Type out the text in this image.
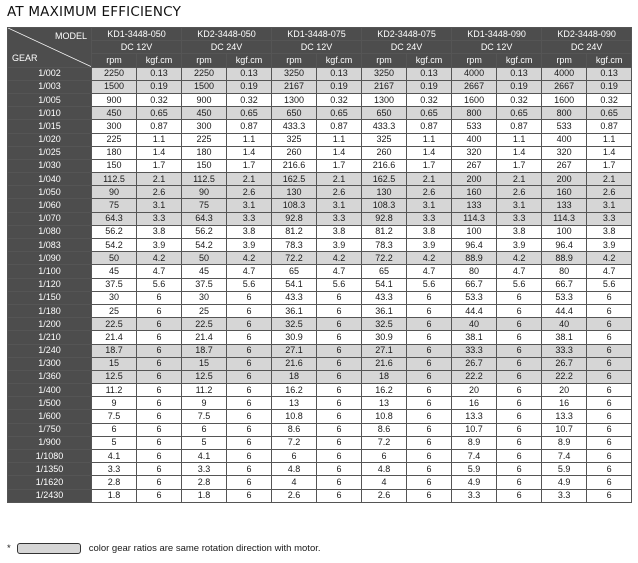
AT MAXIMUM EFFICIENCY
MODEL
GEAR	KD1-3448-050		KD2-3448-050		KD1-3448-075		KD2-3448-075		KD1-3448-090		KD2-3448-090	
	DC 12V		DC 24V		DC 12V		DC 24V		DC 12V		DC 24V	
	rpm	kgf.cm	rpm	kgf.cm	rpm	kgf.cm	rpm	kgf.cm	rpm	kgf.cm	rpm	kgf.cm
1/002	2250	0.13	2250	0.13	3250	0.13	3250	0.13	4000	0.13	4000	0.13
1/003	1500	0.19	1500	0.19	2167	0.19	2167	0.19	2667	0.19	2667	0.19
1/005	900	0.32	900	0.32	1300	0.32	1300	0.32	1600	0.32	1600	0.32
1/010	450	0.65	450	0.65	650	0.65	650	0.65	800	0.65	800	0.65
1/015	300	0.87	300	0.87	433.3	0.87	433.3	0.87	533	0.87	533	0.87
1/020	225	1.1	225	1.1	325	1.1	325	1.1	400	1.1	400	1.1
1/025	180	1.4	180	1.4	260	1.4	260	1.4	320	1.4	320	1.4
1/030	150	1.7	150	1.7	216.6	1.7	216.6	1.7	267	1.7	267	1.7
1/040	112.5	2.1	112.5	2.1	162.5	2.1	162.5	2.1	200	2.1	200	2.1
1/050	90	2.6	90	2.6	130	2.6	130	2.6	160	2.6	160	2.6
1/060	75	3.1	75	3.1	108.3	3.1	108.3	3.1	133	3.1	133	3.1
1/070	64.3	3.3	64.3	3.3	92.8	3.3	92.8	3.3	114.3	3.3	114.3	3.3
1/080	56.2	3.8	56.2	3.8	81.2	3.8	81.2	3.8	100	3.8	100	3.8
1/083	54.2	3.9	54.2	3.9	78.3	3.9	78.3	3.9	96.4	3.9	96.4	3.9
1/090	50	4.2	50	4.2	72.2	4.2	72.2	4.2	88.9	4.2	88.9	4.2
1/100	45	4.7	45	4.7	65	4.7	65	4.7	80	4.7	80	4.7
1/120	37.5	5.6	37.5	5.6	54.1	5.6	54.1	5.6	66.7	5.6	66.7	5.6
1/150	30	6	30	6	43.3	6	43.3	6	53.3	6	53.3	6
1/180	25	6	25	6	36.1	6	36.1	6	44.4	6	44.4	6
1/200	22.5	6	22.5	6	32.5	6	32.5	6	40	6	40	6
1/210	21.4	6	21.4	6	30.9	6	30.9	6	38.1	6	38.1	6
1/240	18.7	6	18.7	6	27.1	6	27.1	6	33.3	6	33.3	6
1/300	15	6	15	6	21.6	6	21.6	6	26.7	6	26.7	6
1/360	12.5	6	12.5	6	18	6	18	6	22.2	6	22.2	6
1/400	11.2	6	11.2	6	16.2	6	16.2	6	20	6	20	6
1/500	9	6	9	6	13	6	13	6	16	6	16	6
1/600	7.5	6	7.5	6	10.8	6	10.8	6	13.3	6	13.3	6
1/750	6	6	6	6	8.6	6	8.6	6	10.7	6	10.7	6
1/900	5	6	5	6	7.2	6	7.2	6	8.9	6	8.9	6
1/1080	4.1	6	4.1	6	6	6	6	6	7.4	6	7.4	6
1/1350	3.3	6	3.3	6	4.8	6	4.8	6	5.9	6	5.9	6
1/1620	2.8	6	2.8	6	4	6	4	6	4.9	6	4.9	6
1/2430	1.8	6	1.8	6	2.6	6	2.6	6	3.3	6	3.3	6
*	color gear ratios are same rotation direction with motor.
